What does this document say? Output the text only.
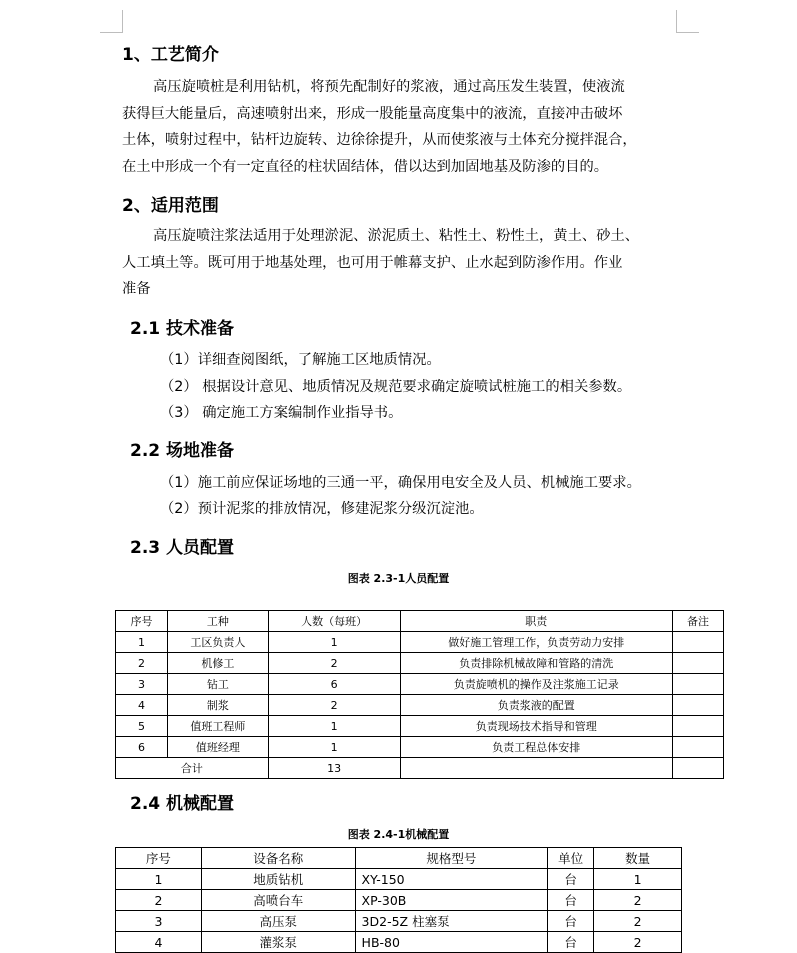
1、工艺简介
高压旋喷桩是利用钻机，将预先配制好的浆液，通过高压发生装置，使液流
获得巨大能量后，高速喷射出来，形成一股能量高度集中的液流，直接冲击破坏
土体，喷射过程中，钻杆边旋转、边徐徐提升，从而使浆液与土体充分搅拌混合，
在土中形成一个有一定直径的柱状固结体，借以达到加固地基及防渗的目的。
2、适用范围
高压旋喷注浆法适用于处理淤泥、淤泥质土、粘性土、粉性土，黄土、砂土、
人工填土等。既可用于地基处理，也可用于帷幕支护、止水起到防渗作用。作业
准备
2.1 技术准备
（1）详细查阅图纸，了解施工区地质情况。
（2） 根据设计意见、地质情况及规范要求确定旋喷试桩施工的相关参数。
（3） 确定施工方案编制作业指导书。
2.2 场地准备
（1）施工前应保证场地的三通一平，确保用电安全及人员、机械施工要求。
（2）预计泥浆的排放情况，修建泥浆分级沉淀池。
2.3 人员配置
图表 2.3-1人员配置
序号	工种	人数（每班）	职责	备注
1	工区负责人	1	做好施工管理工作，负责劳动力安排	
2	机修工	2	负责排除机械故障和管路的清洗	
3	钻工	6	负责旋喷机的操作及注浆施工记录	
4	制浆	2	负责浆液的配置	
5	值班工程师	1	负责现场技术指导和管理	
6	值班经理	1	负责工程总体安排	
合计		13		
2.4 机械配置
图表 2.4-1机械配置
序号	设备名称	规格型号	单位	数量
1	地质钻机	XY-150	台	1
2	高喷台车	XP-30B	台	2
3	高压泵	3D2-5Z 柱塞泵	台	2
4	灌浆泵	HB-80	台	2
